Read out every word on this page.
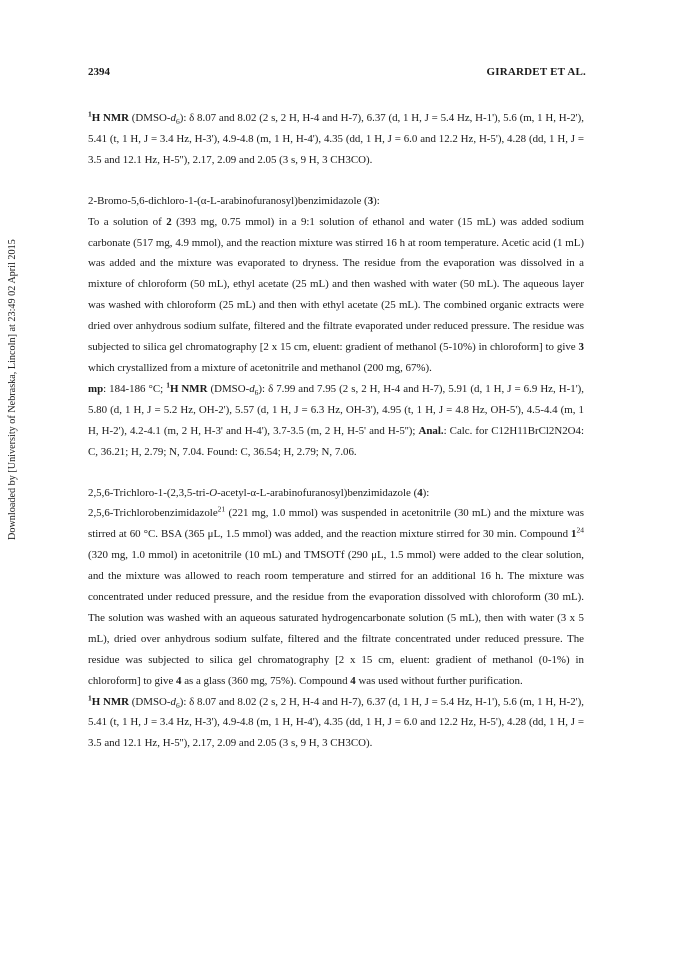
Downloaded by [University of Nebraska, Lincoln] at 23:49 02 April 2015
2394	GIRARDET ET AL.

$^1$H NMR $(DMSO-d_6)$: δ 8.07 and 8.02 (2 s, 2 H, H-4 and H-7), 6.37 (d, 1 H, J = 5.4 Hz, H-1'), 5.6 (m, 1 H, H-2'), 5.41 (t, 1 H, J = 3.4 Hz, H-3'), 4.9-4.8 (m, 1 H, H-4'), 4.35 (dd, 1 H, J = 6.0 and 12.2 Hz, H-5'), 4.28 (dd, 1 H, J = 3.5 and 12.1 Hz, H-5''), 2.17, 2.09 and 2.05 (3 s, 9 H, 3 CH3CO).

2-Bromo-5,6-dichloro-1-(α-L-arabinofuranosyl)benzimidazole (3):

To a solution of 2 (393 mg, 0.75 mmol) in a 9:1 solution of ethanol and water (15 mL) was added sodium carbonate (517 mg, 4.9 mmol), and the reaction mixture was stirred 16 h at room temperature. Acetic acid (1 mL) was added and the mixture was evaporated to dryness. The residue from the evaporation was dissolved in a mixture of chloroform (50 mL), ethyl acetate (25 mL) and then washed with water (50 mL). The aqueous layer was washed with chloroform (25 mL) and then with ethyl acetate (25 mL). The combined organic extracts were dried over anhydrous sodium sulfate, filtered and the filtrate evaporated under reduced pressure. The residue was subjected to silica gel chromatography [2 x 15 cm, eluent: gradient of methanol (5-10%) in chloroform] to give 3 which crystallized from a mixture of acetonitrile and methanol (200 mg, 67%).

mp: 184-186 °C; $^1$H NMR $(DMSO-d_6)$: δ 7.99 and 7.95 (2 s, 2 H, H-4 and H-7), 5.91 (d, 1 H, J = 6.9 Hz, H-1'), 5.80 (d, 1 H, J = 5.2 Hz, OH-2'), 5.57 (d, 1 H, J = 6.3 Hz, OH-3'), 4.95 (t, 1 H, J = 4.8 Hz, OH-5'), 4.5-4.4 (m, 1 H, H-2'), 4.2-4.1 (m, 2 H, H-3' and H-4'), 3.7-3.5 (m, 2 H, H-5' and H-5''); Anal.: Calc. for C12H11BrCl2N2O4: C, 36.21; H, 2.79; N, 7.04. Found: C, 36.54; H, 2.79; N, 7.06.

2,5,6-Trichloro-1-(2,3,5-tri-O-acetyl-α-L-arabinofuranosyl)benzimidazole (4):

2,5,6-Trichlorobenzimidazole$^{21}$ (221 mg, 1.0 mmol) was suspended in acetonitrile (30 mL) and the mixture was stirred at 60 °C. BSA (365 μL, 1.5 mmol) was added, and the reaction mixture stirred for 30 min. Compound $1^{24}$ (320 mg, 1.0 mmol) in acetonitrile (10 mL) and TMSOTf (290 μL, 1.5 mmol) were added to the clear solution, and the mixture was allowed to reach room temperature and stirred for an additional 16 h. The mixture was concentrated under reduced pressure, and the residue from the evaporation dissolved with chloroform (30 mL). The solution was washed with an aqueous saturated hydrogencarbonate solution (5 mL), then with water (3 x 5 mL), dried over anhydrous sodium sulfate, filtered and the filtrate concentrated under reduced pressure. The residue was subjected to silica gel chromatography [2 x 15 cm, eluent: gradient of methanol (0-1%) in chloroform] to give 4 as a glass (360 mg, 75%). Compound 4 was used without further purification.

$^1$H NMR $(DMSO-d_6)$: δ 8.07 and 8.02 (2 s, 2 H, H-4 and H-7), 6.37 (d, 1 H, J = 5.4 Hz, H-1'), 5.6 (m, 1 H, H-2'), 5.41 (t, 1 H, J = 3.4 Hz, H-3'), 4.9-4.8 (m, 1 H, H-4'), 4.35 (dd, 1 H, J = 6.0 and 12.2 Hz, H-5'), 4.28 (dd, 1 H, J = 3.5 and 12.1 Hz, H-5''), 2.17, 2.09 and 2.05 (3 s, 9 H, 3 CH3CO).
